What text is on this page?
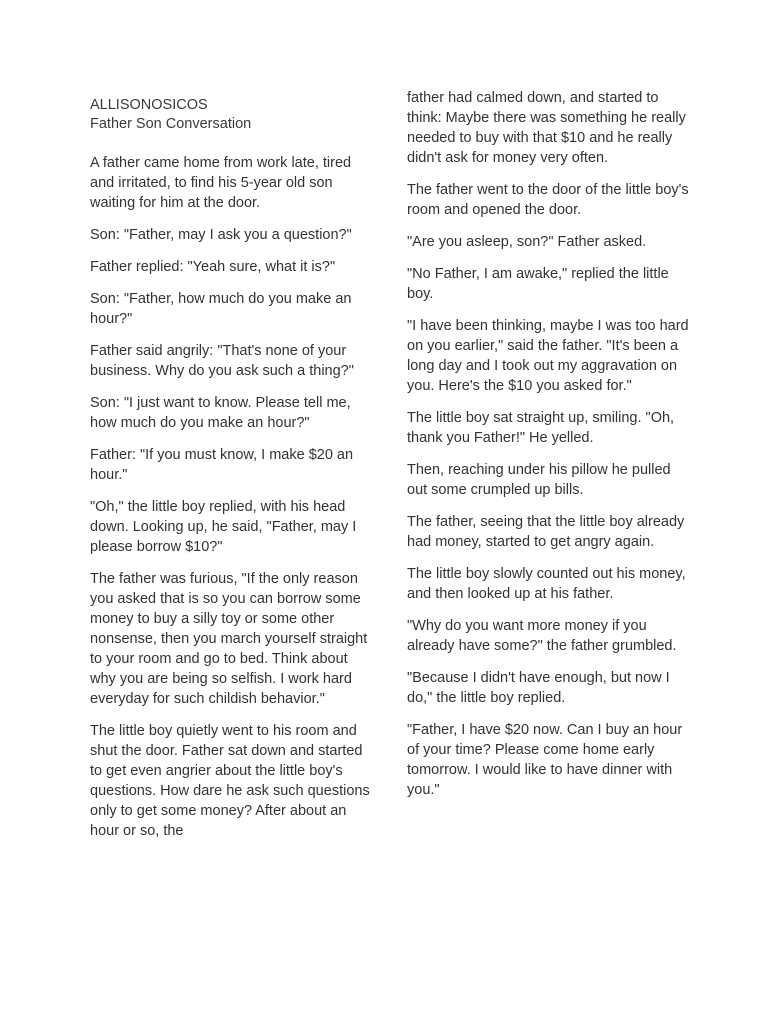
ALLISONOSICOS
Father Son Conversation

A father came home from work late, tired and irritated, to find his 5-year old son waiting for him at the door.

Son: "Father, may I ask you a question?"

Father replied: "Yeah sure, what it is?"

Son: "Father, how much do you make an hour?"

Father said angrily: "That's none of your business. Why do you ask such a thing?"

Son: "I just want to know. Please tell me, how much do you make an hour?"

Father: "If you must know, I make $20 an hour."

"Oh," the little boy replied, with his head down. Looking up, he said, "Father, may I please borrow $10?"

The father was furious, "If the only reason you asked that is so you can borrow some money to buy a silly toy or some other nonsense, then you march yourself straight to your room and go to bed. Think about why you are being so selfish. I work hard everyday for such childish behavior."

The little boy quietly went to his room and shut the door. Father sat down and started to get even angrier about the little boy's questions. How dare he ask such questions only to get some money? After about an hour or so, the

father had calmed down, and started to think: Maybe there was something he really needed to buy with that $10 and he really didn't ask for money very often.

The father went to the door of the little boy's room and opened the door.

"Are you asleep, son?" Father asked.

"No Father, I am awake," replied the little boy.

"I have been thinking, maybe I was too hard on you earlier," said the father. "It's been a long day and I took out my aggravation on you. Here's the $10 you asked for."

The little boy sat straight up, smiling. "Oh, thank you Father!" He yelled.

Then, reaching under his pillow he pulled out some crumpled up bills.

The father, seeing that the little boy already had money, started to get angry again.

The little boy slowly counted out his money, and then looked up at his father.

"Why do you want more money if you already have some?" the father grumbled.

"Because I didn't have enough, but now I do," the little boy replied.

"Father, I have $20 now. Can I buy an hour of your time? Please come home early tomorrow. I would like to have dinner with you."
